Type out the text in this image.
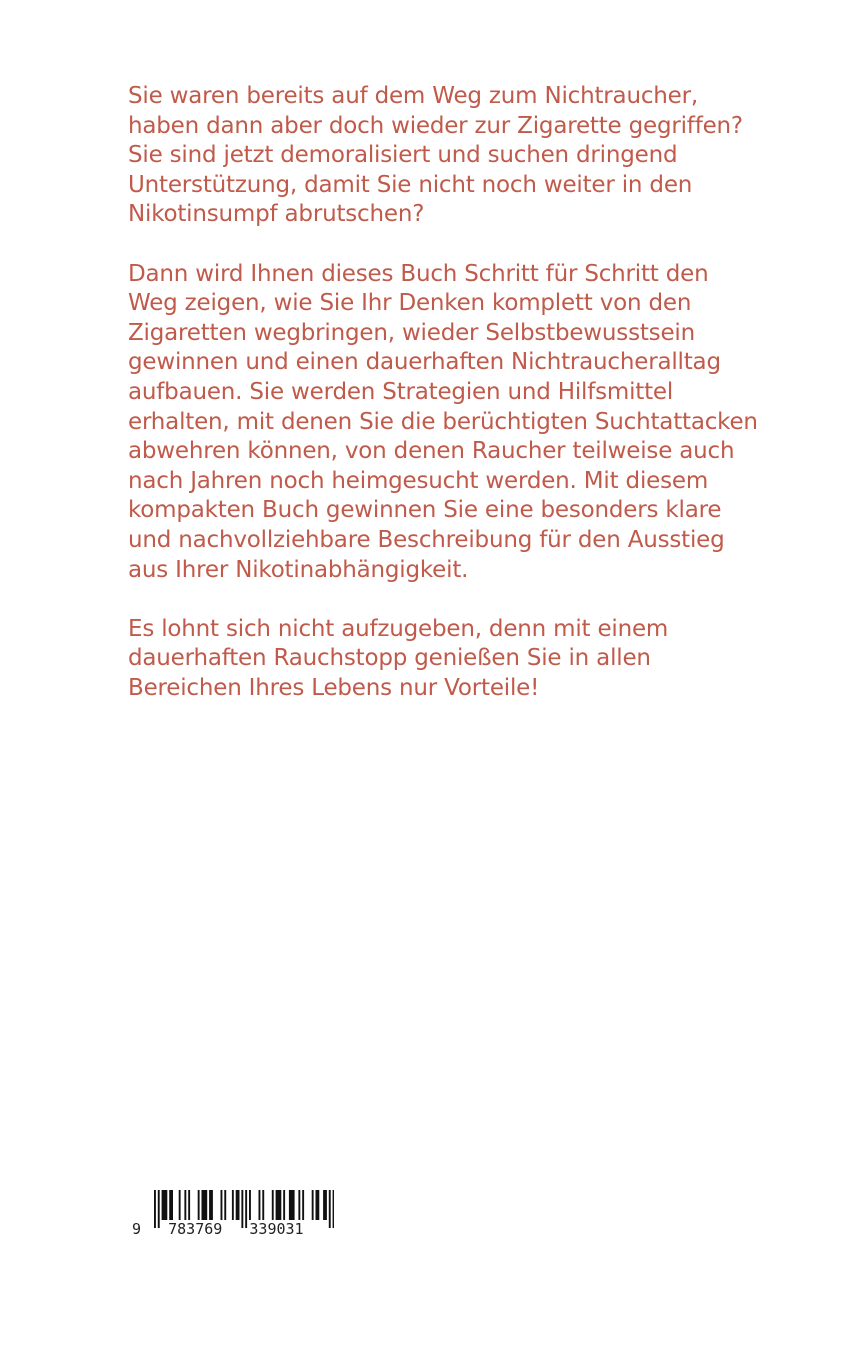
Sie waren bereits auf dem Weg zum Nichtraucher,
haben dann aber doch wieder zur Zigarette gegriffen?
Sie sind jetzt demoralisiert und suchen dringend
Unterstützung, damit Sie nicht noch weiter in den
Nikotinsumpf abrutschen?

Dann wird Ihnen dieses Buch Schritt für Schritt den
Weg zeigen, wie Sie Ihr Denken komplett von den
Zigaretten wegbringen, wieder Selbstbewusstsein
gewinnen und einen dauerhaften Nichtraucheralltag
aufbauen. Sie werden Strategien und Hilfsmittel
erhalten, mit denen Sie die berüchtigten Suchtattacken
abwehren können, von denen Raucher teilweise auch
nach Jahren noch heimgesucht werden. Mit diesem
kompakten Buch gewinnen Sie eine besonders klare
und nachvollziehbare Beschreibung für den Ausstieg
aus Ihrer Nikotinabhängigkeit.

Es lohnt sich nicht aufzugeben, denn mit einem
dauerhaften Rauchstopp genießen Sie in allen
Bereichen Ihres Lebens nur Vorteile!

9   783769   339031
